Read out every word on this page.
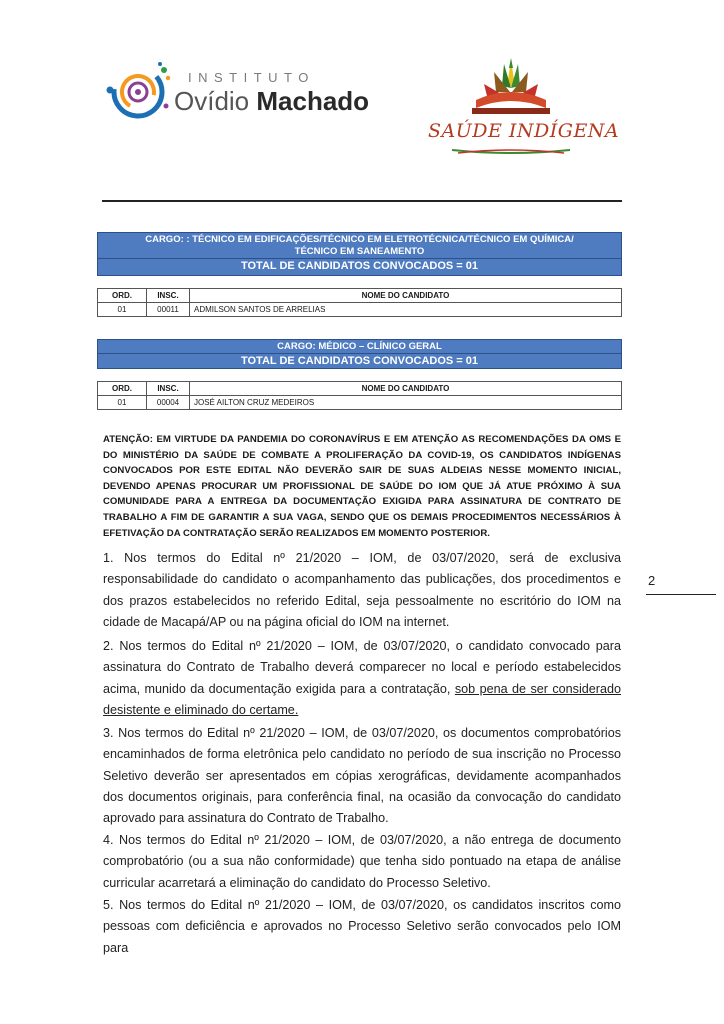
INSTITUTO
Ovídio Machado
SAÚDE INDÍGENA
CARGO: : TÉCNICO EM EDIFICAÇÕES/TÉCNICO EM ELETROTÉCNICA/TÉCNICO EM QUÍMICA/
TÉCNICO EM SANEAMENTO
TOTAL DE CANDIDATOS CONVOCADOS = 01
ORD.	INSC.	NOME DO CANDIDATO
01	00011	ADMILSON SANTOS DE ARRELIAS
CARGO: MÉDICO – CLÍNICO GERAL
TOTAL DE CANDIDATOS CONVOCADOS = 01
ORD.	INSC.	NOME DO CANDIDATO
01	00004	JOSÉ AILTON CRUZ MEDEIROS
ATENÇÃO: EM VIRTUDE DA PANDEMIA DO CORONAVÍRUS E EM ATENÇÃO AS RECOMENDAÇÕES DA OMS E DO MINISTÉRIO DA SAÚDE DE COMBATE A PROLIFERAÇÃO DA COVID-19, OS CANDIDATOS INDÍGENAS CONVOCADOS POR ESTE EDITAL NÃO DEVERÃO SAIR DE SUAS ALDEIAS NESSE MOMENTO INICIAL, DEVENDO APENAS PROCURAR UM PROFISSIONAL DE SAÚDE DO IOM QUE JÁ ATUE PRÓXIMO À SUA COMUNIDADE PARA A ENTREGA DA DOCUMENTAÇÃO EXIGIDA PARA ASSINATURA DE CONTRATO DE TRABALHO A FIM DE GARANTIR A SUA VAGA, SENDO QUE OS DEMAIS PROCEDIMENTOS NECESSÁRIOS À EFETIVAÇÃO DA CONTRATAÇÃO SERÃO REALIZADOS EM MOMENTO POSTERIOR.
1. Nos termos do Edital nº 21/2020 – IOM, de 03/07/2020, será de exclusiva responsabilidade do candidato o acompanhamento das publicações, dos procedimentos e dos prazos estabelecidos no referido Edital, seja pessoalmente no escritório do IOM na cidade de Macapá/AP ou na página oficial do IOM na internet.
2. Nos termos do Edital nº 21/2020 – IOM, de 03/07/2020, o candidato convocado para assinatura do Contrato de Trabalho deverá comparecer no local e período estabelecidos acima, munido da documentação exigida para a contratação, sob pena de ser considerado desistente e eliminado do certame.
3. Nos termos do Edital nº 21/2020 – IOM, de 03/07/2020, os documentos comprobatórios encaminhados de forma eletrônica pelo candidato no período de sua inscrição no Processo Seletivo deverão ser apresentados em cópias xerográficas, devidamente acompanhados dos documentos originais, para conferência final, na ocasião da convocação do candidato aprovado para assinatura do Contrato de Trabalho.
4. Nos termos do Edital nº 21/2020 – IOM, de 03/07/2020, a não entrega de documento comprobatório (ou a sua não conformidade) que tenha sido pontuado na etapa de análise curricular acarretará a eliminação do candidato do Processo Seletivo.
5. Nos termos do Edital nº 21/2020 – IOM, de 03/07/2020, os candidatos inscritos como pessoas com deficiência e aprovados no Processo Seletivo serão convocados pelo IOM para
2
